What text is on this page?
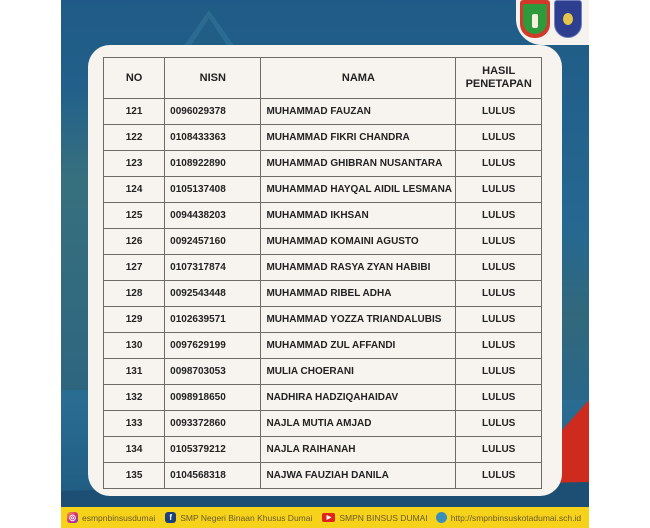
NO	NISN	NAMA	HASIL
PENETAPAN
121	0096029378	MUHAMMAD FAUZAN	LULUS
122	0108433363	MUHAMMAD FIKRI CHANDRA	LULUS
123	0108922890	MUHAMMAD GHIBRAN NUSANTARA	LULUS
124	0105137408	MUHAMMAD HAYQAL AIDIL LESMANA	LULUS
125	0094438203	MUHAMMAD IKHSAN	LULUS
126	0092457160	MUHAMMAD KOMAINI AGUSTO	LULUS
127	0107317874	MUHAMMAD RASYA ZYAN HABIBI	LULUS
128	0092543448	MUHAMMAD RIBEL ADHA	LULUS
129	0102639571	MUHAMMAD YOZZA TRIANDALUBIS	LULUS
130	0097629199	MUHAMMAD ZUL AFFANDI	LULUS
131	0098703053	MULIA CHOERANI	LULUS
132	0098918650	NADHIRA HADZIQAHAIDAV	LULUS
133	0093372860	NAJLA MUTIA AMJAD	LULUS
134	0105379212	NAJLA RAIHANAH	LULUS
135	0104568318	NAJWA FAUZIAH DANILA	LULUS
◎ esmpnbinsusdumai	f SMP Negeri Binaan Khusus Dumai	▶ SMPN BINSUS DUMAI	http://smpnbinsuskotadumai.sch.id
